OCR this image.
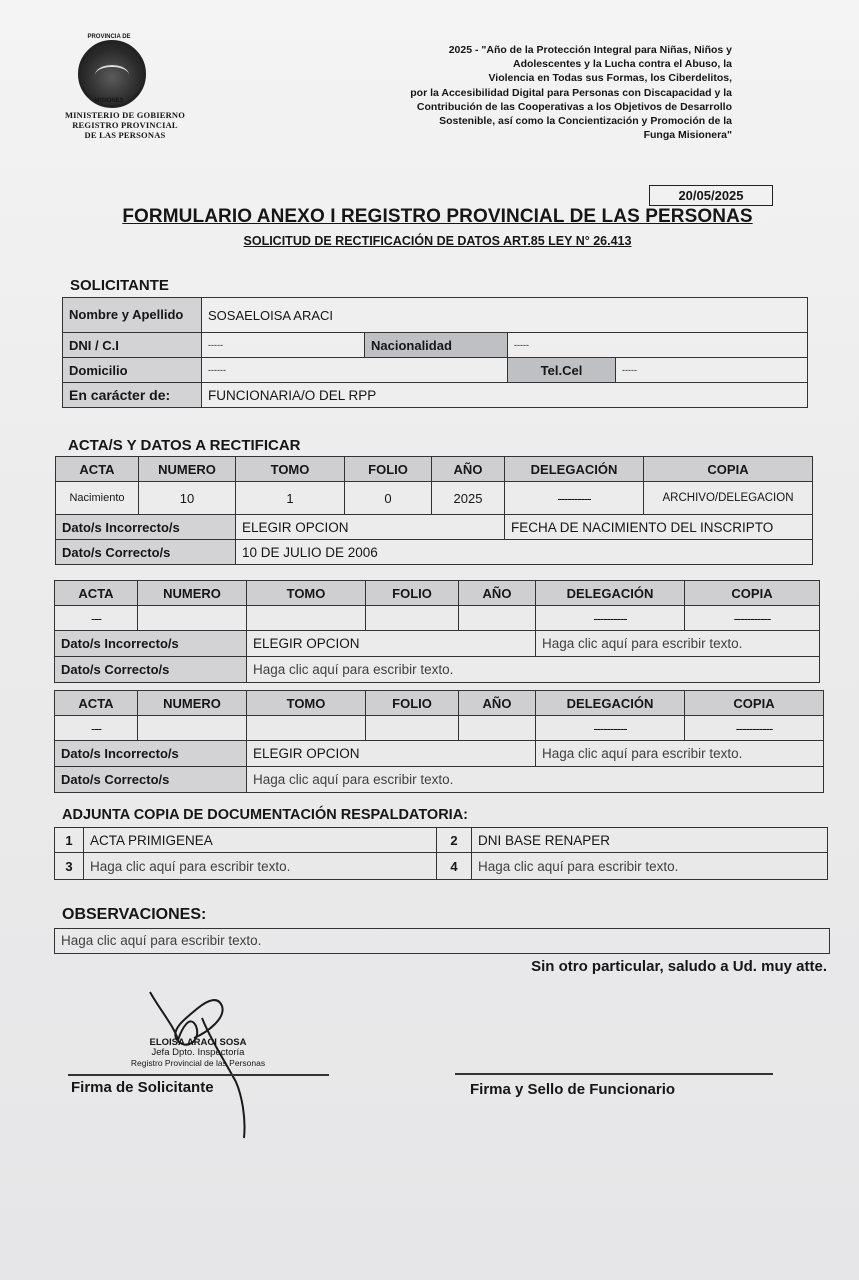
PROVINCIA DE
MISIONES
MINISTERIO DE GOBIERNO
REGISTRO PROVINCIAL
DE LAS PERSONAS
2025 - "Año de la Protección Integral para Niñas, Niños y
Adolescentes y la Lucha contra el Abuso, la
Violencia en Todas sus Formas, los Ciberdelitos,
por la Accesibilidad Digital para Personas con Discapacidad y la
Contribución de las Cooperativas a los Objetivos de Desarrollo
Sostenible, así como la Concientización y Promoción de la
Funga Misionera"
20/05/2025
FORMULARIO ANEXO I REGISTRO PROVINCIAL DE LAS PERSONAS
SOLICITUD DE RECTIFICACIÓN DE DATOS ART.85 LEY N° 26.413
SOLICITANTE
Nombre y Apellido	SOSAELOISA ARACI			
DNI / C.I	-----	Nacionalidad	-----	
Domicilio	------		Tel.Cel	-----
En carácter de:	FUNCIONARIA/O DEL RPP			
ACTA/S Y DATOS A RECTIFICAR
ACTA	NUMERO	TOMO	FOLIO	AÑO	DELEGACIÓN	COPIA
Nacimiento	10	1	0	2025	----------	ARCHIVO/DELEGACION
Dato/s Incorrecto/s		ELEGIR OPCION			FECHA DE NACIMIENTO DEL INSCRIPTO	
Dato/s Correcto/s		10 DE JULIO DE 2006				
ACTA	NUMERO	TOMO	FOLIO	AÑO	DELEGACIÓN	COPIA
---					----------	-----------
Dato/s Incorrecto/s		ELEGIR OPCION			Haga clic aquí para escribir texto.	
Dato/s Correcto/s		Haga clic aquí para escribir texto.				
ACTA	NUMERO	TOMO	FOLIO	AÑO	DELEGACIÓN	COPIA
---					----------	-----------
Dato/s Incorrecto/s		ELEGIR OPCION			Haga clic aquí para escribir texto.	
Dato/s Correcto/s		Haga clic aquí para escribir texto.				
ADJUNTA COPIA DE DOCUMENTACIÓN RESPALDATORIA:
1	ACTA PRIMIGENEA	2	DNI BASE RENAPER
3	Haga clic aquí para escribir texto.	4	Haga clic aquí para escribir texto.
OBSERVACIONES:
Haga clic aquí para escribir texto.
Sin otro particular, saludo a Ud. muy atte.
ELOISA ARACI SOSA
Jefa Dpto. Inspectoría
Registro Provincial de las Personas
Firma de Solicitante	Firma y Sello de Funcionario
